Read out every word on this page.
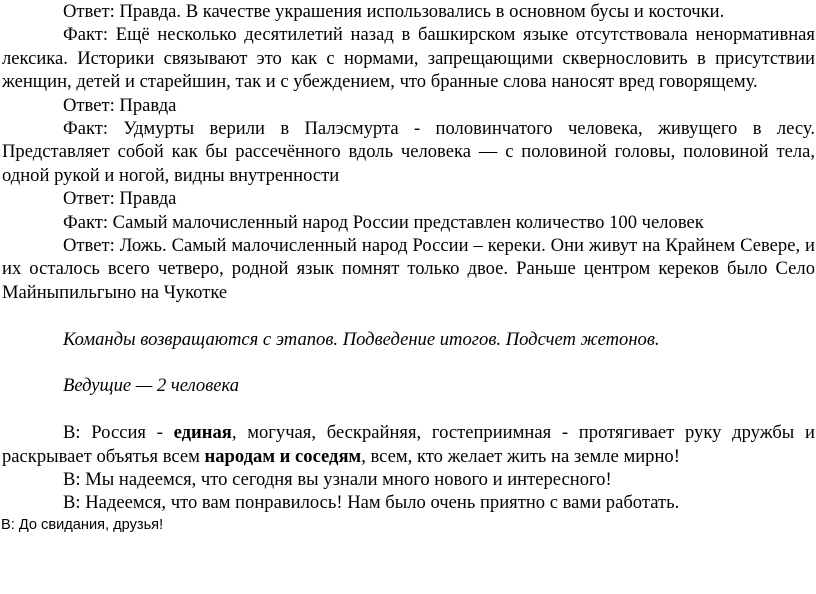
Ответ: Правда. В качестве украшения использовались в основном бусы и косточки.

Факт: Ещё несколько десятилетий назад в башкирском языке отсутствовала ненормативная лексика. Историки связывают это как с нормами, запрещающими сквернословить в присутствии женщин, детей и старейшин, так и с убеждением, что бранные слова наносят вред говорящему.

Ответ: Правда

Факт: Удмурты верили в Палэсмурта - половинчатого человека, живущего в лесу. Представляет собой как бы рассечённого вдоль человека — с половиной головы, половиной тела, одной рукой и ногой, видны внутренности

Ответ: Правда

Факт: Самый малочисленный народ России представлен количество 100 человек

Ответ: Ложь. Самый малочисленный народ России – кереки. Они живут на Крайнем Севере, и их осталось всего четверо, родной язык помнят только двое. Раньше центром кереков было Село Майныпильгыно на Чукотке

Команды возвращаются с этапов. Подведение итогов. Подсчет жетонов.

Ведущие — 2 человека

В: Россия - единая, могучая, бескрайняя, гостеприимная - протягивает руку дружбы и раскрывает объятья всем народам и соседям, всем, кто желает жить на земле мирно!

В: Мы надеемся, что сегодня вы узнали много нового и интересного!

В: Надеемся, что вам понравилось! Нам было очень приятно с вами работать.

В: До свидания, друзья!
